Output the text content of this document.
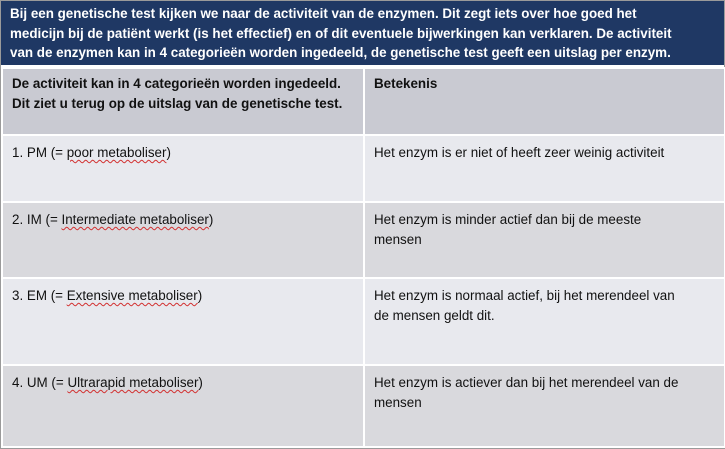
Bij een genetische test kijken we naar de activiteit van de enzymen. Dit zegt iets over hoe goed het
medicijn bij de patiënt werkt (is het effectief) en of dit eventuele bijwerkingen kan verklaren. De activiteit
van de enzymen kan in 4 categorieën worden ingedeeld, de genetische test geeft een uitslag per enzym.
De activiteit kan in 4 categorieën worden ingedeeld.
Dit ziet u terug op de uitslag van de genetische test.	Betekenis
1. PM (= poor metaboliser)	Het enzym is er niet of heeft zeer weinig activiteit
2. IM (= Intermediate metaboliser)	Het enzym is minder actief dan bij de meeste
mensen
3. EM (= Extensive metaboliser)	Het enzym is normaal actief, bij het merendeel van
de mensen geldt dit.
4. UM (= Ultrarapid metaboliser)	Het enzym is actiever dan bij het merendeel van de
mensen
